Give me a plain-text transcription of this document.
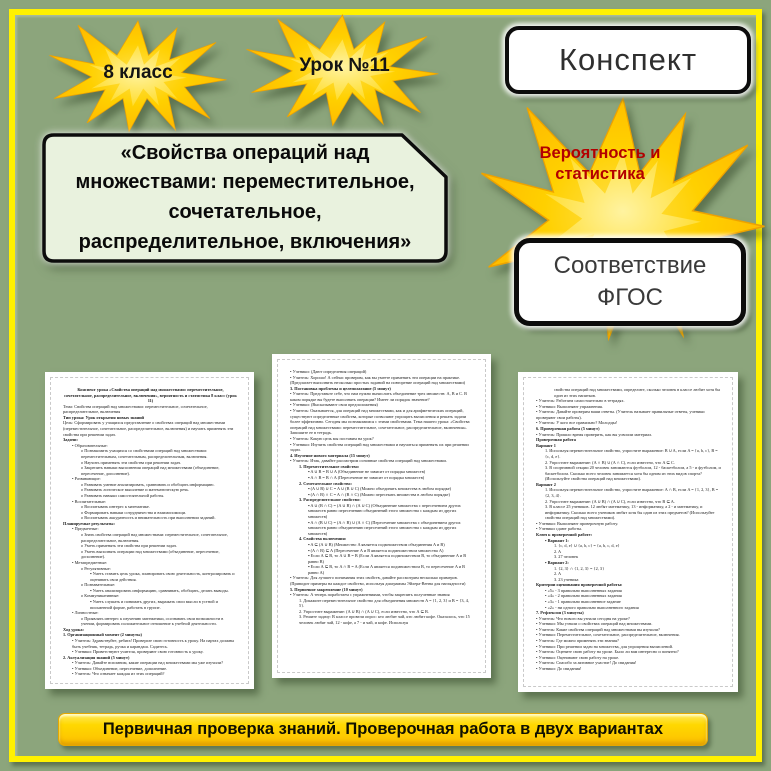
8 класс	Урок №11
Вероятность и статистика
Конспект
Соответствие ФГОС
«Свойства операций над множествами: переместительное, сочетательное, распределительное, включения»
Конспект урока «Свойства операций над множествами: переместительное, сочетательное, распределительное, включения», вероятность и статистика 8 класс (урок 11)
Тема: Свойства операций над множествами: переместительное, сочетательное, распределительное, включения
Тип урока: Урок открытия новых знаний
Цель: Сформировать у учащихся представление о свойствах операций над множествами (переместительное, сочетательное, распределительное, включения) и научить применять эти свойства при решении задач.
Задачи:
• Образовательные:
o Познакомить учащихся со свойствами операций над множествами: переместительным, сочетательным, распределительным, включения.
o Научить применять эти свойства при решении задач.
o Закрепить навыки выполнения операций над множествами (объединение, пересечение, дополнение).
• Развивающие:
o Развивать умение анализировать, сравнивать и обобщать информацию.
o Развивать логическое мышление и математическую речь.
o Развивать навыки самостоятельной работы.
• Воспитательные:
o Воспитывать интерес к математике.
o Формировать навыки сотрудничества и взаимопомощи.
o Воспитывать аккуратность и внимательность при выполнении заданий.
Планируемые результаты:
• Предметные:
o Знать свойства операций над множествами: переместительное, сочетательное, распределительное, включения.
o Уметь применять эти свойства при решении задач.
o Уметь выполнять операции над множествами (объединение, пересечение, дополнение).
• Метапредметные:
o Регулятивные:
▪ Уметь ставить цель урока, планировать свою деятельность, контролировать и оценивать свои действия.
o Познавательные:
▪ Уметь анализировать информацию, сравнивать, обобщать, делать выводы.
o Коммуникативные:
▪ Уметь слушать и понимать других, выражать свои мысли в устной и письменной форме, работать в группе.
• Личностные:
o Проявлять интерес к изучению математики, осознавать свои возможности в учении, формировать положительное отношение к учебной деятельности.
Ход урока:
1. Организационный момент (2 минуты)
• Учитель: Здравствуйте, ребята! Проверьте свою готовность к уроку. На партах должны быть учебник, тетрадь, ручка и карандаш. Садитесь.
• Ученики: Приветствуют учителя, проверяют свою готовность к уроку.
2. Актуализация знаний (5 минут)
• Учитель: Давайте вспомним, какие операции над множествами мы уже изучили?
• Ученики: Объединение, пересечение, дополнение.
• Учитель: Что означает каждая из этих операций?
• Ученики: (Дают определения операций)
• Учитель: Хорошо! А сейчас проверим, как вы умеете применять эти операции на практике. (Предлагает выполнить несколько простых заданий на повторение операций над множествами)
3. Постановка проблемы и целеполагание (5 минут)
• Учитель: Представьте себе, что нам нужно вычислить объединение трех множеств: A, B и C. В каком порядке вы будете выполнять операции? Имеет ли порядок значение?
• Ученики: (Высказывают свои предположения)
• Учитель: Оказывается, для операций над множествами, как и для арифметических операций, существуют определенные свойства, которые позволяют упрощать вычисления и решать задачи более эффективно. Сегодня мы познакомимся с этими свойствами. Тема нашего урока: «Свойства операций над множествами: переместительное, сочетательное, распределительное, включения». Запишите ее в тетрадь.
• Учитель: Какую цель мы поставим на урок?
• Ученики: Изучить свойства операций над множествами и научиться применять их при решении задач.
4. Изучение нового материала (15 минут)
• Учитель: Итак, давайте рассмотрим основные свойства операций над множествами.
1. Переместительное свойство:
▪ A ∪ B = B ∪ A (Объединение не зависит от порядка множеств)
▪ A ∩ B = B ∩ A (Пересечение не зависит от порядка множеств)
2. Сочетательное свойство:
▪ (A ∪ B) ∪ C = A ∪ (B ∪ C) (Можно объединять множества в любом порядке)
▪ (A ∩ B) ∩ C = A ∩ (B ∩ C) (Можно пересекать множества в любом порядке)
3. Распределительное свойство:
▪ A ∪ (B ∩ C) = (A ∪ B) ∩ (A ∪ C) (Объединение множества с пересечением других множеств равно пересечению объединений этого множества с каждым из других множеств)
▪ A ∩ (B ∪ C) = (A ∩ B) ∪ (A ∩ C) (Пересечение множества с объединением других множеств равно объединению пересечений этого множества с каждым из других множеств)
4. Свойства включения:
▪ A ⊆ (A ∪ B) (Множество A является подмножеством объединения A и B)
▪ (A ∩ B) ⊆ A (Пересечение A и B является подмножеством множества A)
▪ Если A ⊆ B, то A ∪ B = B (Если A является подмножеством B, то объединение A и B равно B)
▪ Если A ⊆ B, то A ∩ B = A (Если A является подмножеством B, то пересечение A и B равно A)
• Учитель: Для лучшего понимания этих свойств, давайте рассмотрим несколько примеров. (Приводит примеры на каждое свойство, используя диаграммы Эйлера-Венна для наглядности)
5. Первичное закрепление (10 минут)
• Учитель: А теперь поработаем с упражнениями, чтобы закрепить полученные знания
1. Докажите переместительное свойство для объединения множеств A = {1, 2, 3} и B = {3, 4, 5}.
2. Упростите выражение: (A ∪ B) ∩ (A ∪ C), если известно, что A ⊆ B.
3. Решите задачу: В классе провели опрос: кто любит чай, кто любит кофе. Оказалось, что 15 человек любят чай, 12 - кофе, а 7 - и чай, и кофе. Используя
свойства операций над множествами, определите, сколько человек в классе любит хотя бы один из этих напитков.
• Учитель: Работаем самостоятельно в тетрадях.
• Ученики: Выполняют упражнения.
• Учитель: Давайте проверим ваши ответы. (Учитель называет правильные ответы, ученики проверяют свои работы).
• Учитель: У кого все правильно? Молодцы!
6. Проверочная работа (5 минут)
• Учитель: Пришло время проверить, как вы усвоили материал.
Проверочная работа
Вариант 1
1. Используя переместительное свойство, упростите выражение: B ∪ A, если A = {a, b, c}, B = {c, d, e}.
2. Упростите выражение: (A ∩ B) ∪ (A ∩ C), если известно, что A ⊆ C.
3. В спортивной секции 20 человек занимаются футболом, 12 - баскетболом, а 5 - и футболом, и баскетболом. Сколько всего человек занимается хотя бы одним из этих видов спорта? (Используйте свойства операций над множествами).
Вариант 2
1. Используя переместительное свойство, упростите выражение: A ∩ B, если A = {1, 2, 3}, B = {2, 3, 4}.
2. Упростите выражение: (A ∪ B) ∩ (A ∪ C), если известно, что B ⊆ A.
3. В классе 25 учеников. 12 любят математику, 13 - информатику, а 2 - и математику, и информатику. Сколько всего учеников любят хотя бы один из этих предметов? (Используйте свойства операций над множествами).
• Ученики: Выполняют проверочную работу.
• Ученики сдают работы.
Ключ к проверочной работе:
• Вариант 1:
1. {c, d, e} ∪ {a, b, c} = {a, b, c, d, e}
2. A
3. 27 человек
• Вариант 2:
1. {2, 3} ∩ {1, 2, 3} = {2, 3}
2. A
3. 23 ученика
Критерии оценивания проверочной работы:
• «5» - 3 правильно выполненных задания
• «4» - 2 правильно выполненных задания
• «3» - 1 правильно выполненное задание
• «2» - ни одного правильно выполненного задания
7. Рефлексия (3 минуты)
• Учитель: Что нового вы узнали сегодня на уроке?
• Ученики: Мы узнали о свойствах операций над множествами.
• Учитель: Какие свойства операций над множествами вы изучили?
• Ученики: Переместительное, сочетательное, распределительное, включения.
• Учитель: Где можно применять эти знания?
• Ученики: При решении задач на множества, для упрощения вычислений.
• Учитель: Оцените свою работу на уроке. Было ли вам интересно и понятно?
• Ученики: Оценивают свою работу на уроке.
• Учитель: Спасибо за активное участие! До свидания!
• Ученики: До свидания!
Первичная проверка знаний. Проверочная работа в двух вариантах
